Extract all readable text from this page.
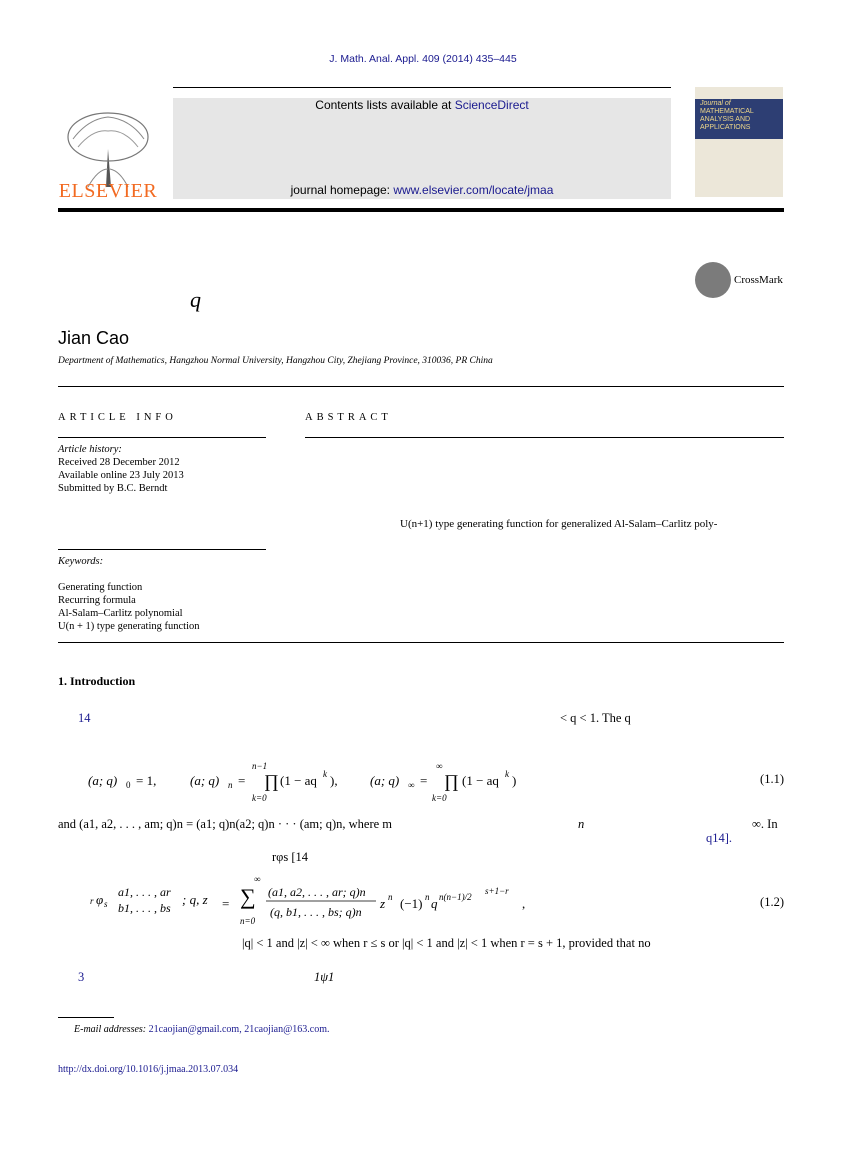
J. Math. Anal. Appl. 409 (2014) 435–445
Contents lists available at ScienceDirect
journal homepage: www.elsevier.com/locate/jmaa
ELSEVIER
Journal of
MATHEMATICAL
ANALYSIS AND
APPLICATIONS
CrossMark
q
Jian Cao
Department of Mathematics, Hangzhou Normal University, Hangzhou City, Zhejiang Province, 310036, PR China
ARTICLE INFO	ABSTRACT
Article history:
Received 28 December 2012
Available online 23 July 2013
Submitted by B.C. Berndt
U(n+1) type generating function for generalized Al-Salam–Carlitz poly-
Keywords:
Generating function
Recurring formula
Al-Salam–Carlitz polynomial
U(n + 1) type generating function
1. Introduction
14	< q < 1. The q
(a; q) 0 = 1,	(a; q) n =
n−1
∏
k=0
(1 − aq k ), (a; q) ∞ =
∞
∏
k=0
(1 − aq k )	(1.1)
and (a1, a2, . . . , am; q)n = (a1; q)n(a2; q)n · · · (am; q)n, where m	n	∞. In
q14].
rφs [14
r φ s
a1, . . . , ar
b1, . . . , bs
; q, z = ∑
∞
n=0
(a1, a2, . . . , ar; q)n
(q, b1, . . . , bs; q)n
z n (−1) n q n(n−1)/2
s+1−r
,	(1.2)
|q| < 1 and |z| < ∞ when r ≤ s or |q| < 1 and |z| < 1 when r = s + 1, provided that no
3	1ψ1
E-mail addresses: 21caojian@gmail.com, 21caojian@163.com.
http://dx.doi.org/10.1016/j.jmaa.2013.07.034
